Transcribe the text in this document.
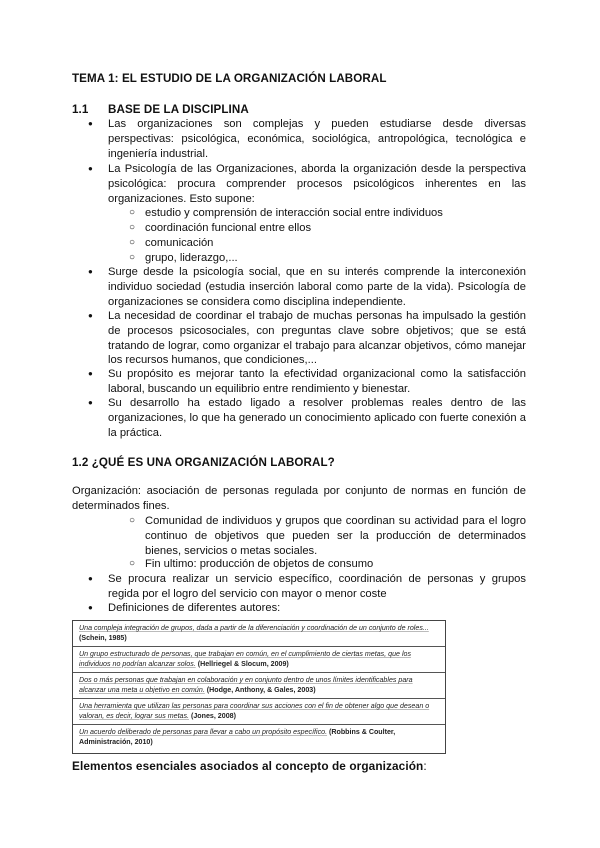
TEMA 1: EL ESTUDIO DE LA ORGANIZACIÓN LABORAL
1.1 BASE DE LA DISCIPLINA
● Las organizaciones son complejas y pueden estudiarse desde diversas perspectivas: psicológica, económica, sociológica, antropológica, tecnológica e ingeniería industrial.
● La Psicología de las Organizaciones, aborda la organización desde la perspectiva psicológica: procura comprender procesos psicológicos inherentes en las organizaciones. Esto supone:
○ estudio y comprensión de interacción social entre individuos
○ coordinación funcional entre ellos
○ comunicación
○ grupo, liderazgo,...
● Surge desde la psicología social, que en su interés comprende la interconexión individuo sociedad (estudia inserción laboral como parte de la vida). Psicología de organizaciones se considera como disciplina independiente.
● La necesidad de coordinar el trabajo de muchas personas ha impulsado la gestión de procesos psicosociales, con preguntas clave sobre objetivos; que se está tratando de lograr, como organizar el trabajo para alcanzar objetivos, cómo manejar los recursos humanos, que condiciones,...
● Su propósito es mejorar tanto la efectividad organizacional como la satisfacción laboral, buscando un equilibrio entre rendimiento y bienestar.
● Su desarrollo ha estado ligado a resolver problemas reales dentro de las organizaciones, lo que ha generado un conocimiento aplicado con fuerte conexión a la práctica.
1.2 ¿QUÉ ES UNA ORGANIZACIÓN LABORAL?
Organización: asociación de personas regulada por conjunto de normas en función de determinados fines.
○ Comunidad de individuos y grupos que coordinan su actividad para el logro continuo de objetivos que pueden ser la producción de determinados bienes, servicios o metas sociales.
○ Fin ultimo: producción de objetos de consumo
● Se procura realizar un servicio específico, coordinación de personas y grupos regida por el logro del servicio con mayor o menor coste
● Definiciones de diferentes autores:
Una compleja integración de grupos, dada a partir de la diferenciación y coordinación de un conjunto de roles... (Schein, 1985)
Un grupo estructurado de personas, que trabajan en común, en el cumplimiento de ciertas metas, que los individuos no podrían alcanzar solos. (Hellriegel & Slocum, 2009)
Dos o más personas que trabajan en colaboración y en conjunto dentro de unos límites identificables para alcanzar una meta u objetivo en común. (Hodge, Anthony, & Gales, 2003)
Una herramienta que utilizan las personas para coordinar sus acciones con el fin de obtener algo que desean o valoran, es decir, lograr sus metas. (Jones, 2008)
Un acuerdo deliberado de personas para llevar a cabo un propósito específico. (Robbins & Coulter, Administración, 2010)
Elementos esenciales asociados al concepto de organización:
